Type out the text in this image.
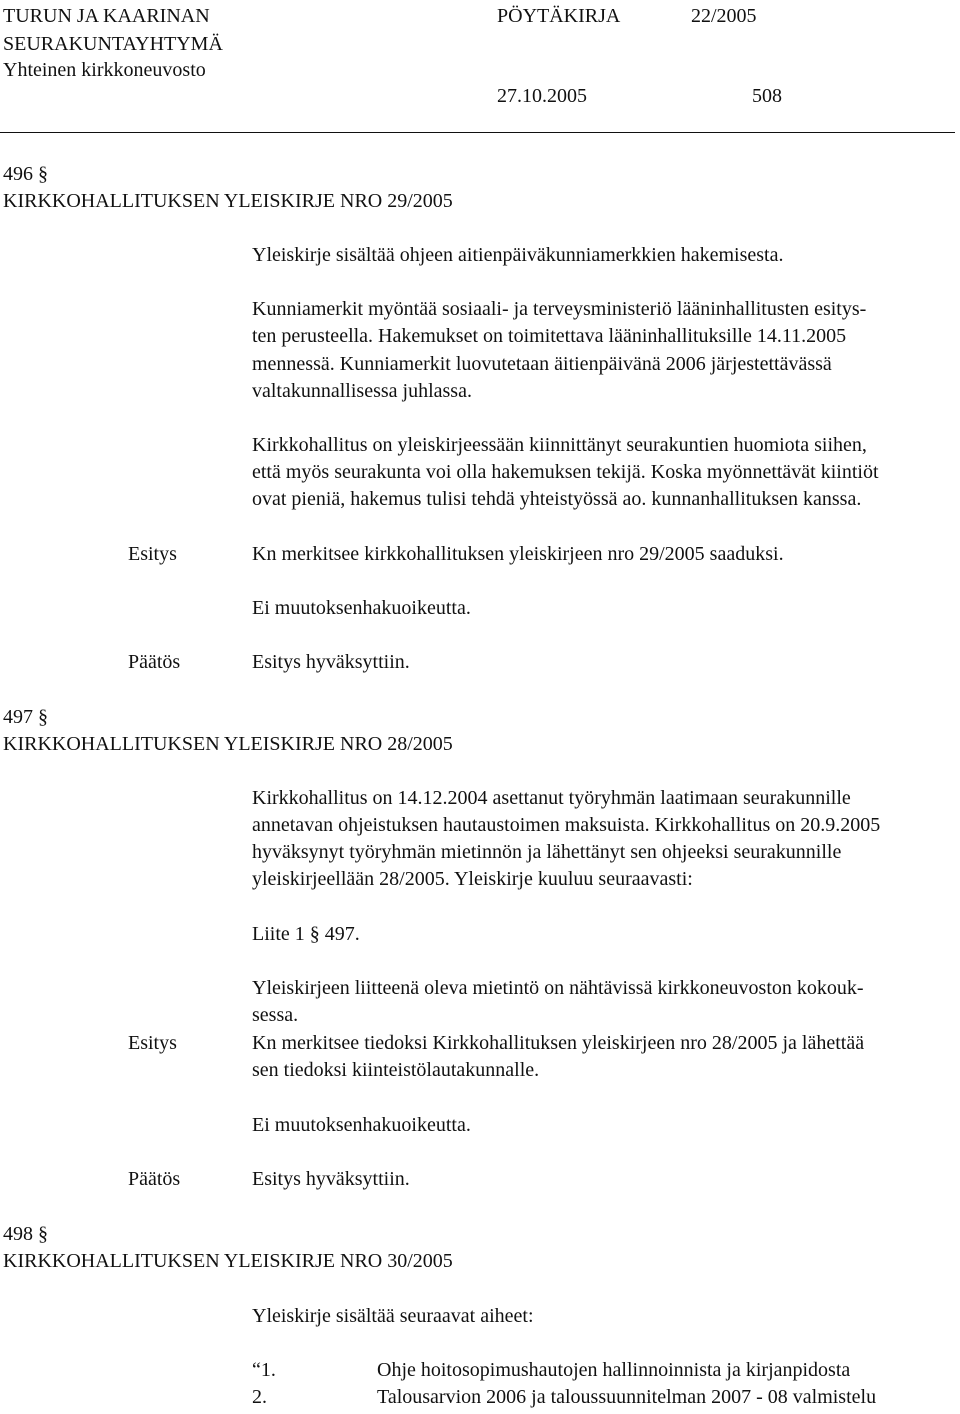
TURUN JA KAARINAN
SEURAKUNTAYHTYMÄ
Yhteinen kirkkoneuvosto
PÖYTÄKIRJA	22/2005
27.10.2005	508
496 §
KIRKKOHALLITUKSEN YLEISKIRJE NRO 29/2005
Yleiskirje sisältää ohjeen aitienpäiväkunniamerkkien hakemisesta.
Kunniamerkit myöntää sosiaali- ja terveysministeriö lääninhallitusten esitys-
ten perusteella. Hakemukset on toimitettava lääninhallituksille 14.11.2005
mennessä. Kunniamerkit luovutetaan äitienpäivänä 2006 järjestettävässä
valtakunnallisessa juhlassa.
Kirkkohallitus on yleiskirjeessään kiinnittänyt seurakuntien huomiota siihen,
että myös seurakunta voi olla hakemuksen tekijä. Koska myönnettävät kiintiöt
ovat pieniä, hakemus tulisi tehdä yhteistyössä ao. kunnanhallituksen kanssa.
Esitys	Kn merkitsee kirkkohallituksen yleiskirjeen nro 29/2005 saaduksi.
Ei muutoksenhakuoikeutta.
Päätös	Esitys hyväksyttiin.
497 §
KIRKKOHALLITUKSEN YLEISKIRJE NRO 28/2005
Kirkkohallitus on 14.12.2004 asettanut työryhmän laatimaan seurakunnille
annetavan ohjeistuksen hautaustoimen maksuista. Kirkkohallitus on 20.9.2005
hyväksynyt työryhmän mietinnön ja lähettänyt sen ohjeeksi seurakunnille
yleiskirjeellään 28/2005. Yleiskirje kuuluu seuraavasti:
Liite 1 § 497.
Yleiskirjeen liitteenä oleva mietintö on nähtävissä kirkkoneuvoston kokouk-
sessa.
Esitys	Kn merkitsee tiedoksi Kirkkohallituksen yleiskirjeen nro 28/2005 ja lähettää
sen tiedoksi kiinteistölautakunnalle.
Ei muutoksenhakuoikeutta.
Päätös	Esitys hyväksyttiin.
498 §
KIRKKOHALLITUKSEN YLEISKIRJE NRO 30/2005
Yleiskirje sisältää seuraavat aiheet:
“1.	Ohje hoitosopimushautojen hallinnoinnista ja kirjanpidosta
2.	Talousarvion 2006 ja taloussuunnitelman 2007 - 08 valmistelu
